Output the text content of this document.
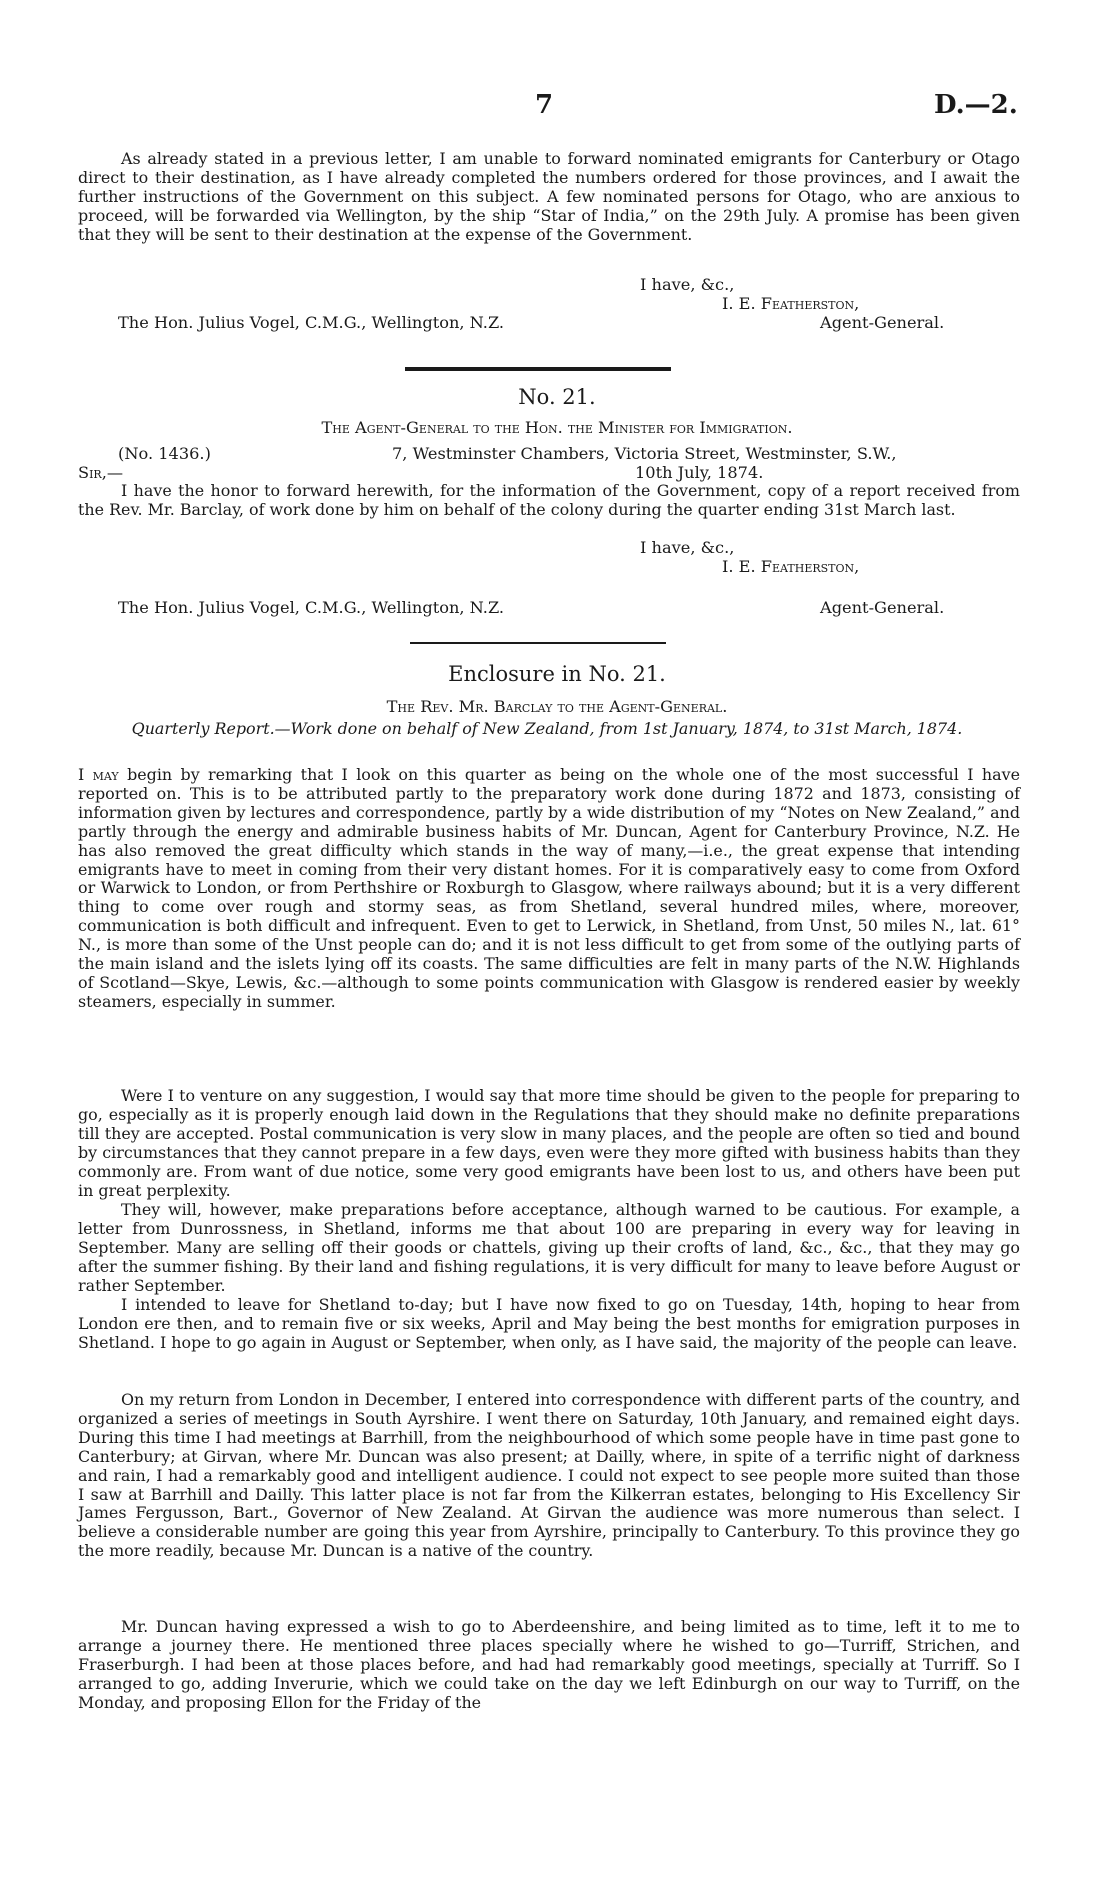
7	D.—2.

As already stated in a previous letter, I am unable to forward nominated emigrants for Canterbury or Otago direct to their destination, as I have already completed the numbers ordered for those provinces, and I await the further instructions of the Government on this subject. A few nominated persons for Otago, who are anxious to proceed, will be forwarded via Wellington, by the ship “Star of India,” on the 29th July. A promise has been given that they will be sent to their destination at the expense of the Government.

I have, &c.,
I. E. Featherston,
The Hon. Julius Vogel, C.M.G., Wellington, N.Z.	Agent-General.
No. 21.
The Agent-General to the Hon. the Minister for Immigration.
(No. 1436.)	7, Westminster Chambers, Victoria Street, Westminster, S.W.,
Sir,—	10th July, 1874.

I have the honor to forward herewith, for the information of the Government, copy of a report received from the Rev. Mr. Barclay, of work done by him on behalf of the colony during the quarter ending 31st March last.

I have, &c.,
I. E. Featherston,
The Hon. Julius Vogel, C.M.G., Wellington, N.Z.	Agent-General.
Enclosure in No. 21.
The Rev. Mr. Barclay to the Agent-General.

Quarterly Report.—Work done on behalf of New Zealand, from 1st January, 1874, to 31st March, 1874.

I may begin by remarking that I look on this quarter as being on the whole one of the most successful I have reported on. This is to be attributed partly to the preparatory work done during 1872 and 1873, consisting of information given by lectures and correspondence, partly by a wide distribution of my “Notes on New Zealand,” and partly through the energy and admirable business habits of Mr. Duncan, Agent for Canterbury Province, N.Z. He has also removed the great difficulty which stands in the way of many,—i.e., the great expense that intending emigrants have to meet in coming from their very distant homes. For it is comparatively easy to come from Oxford or Warwick to London, or from Perthshire or Roxburgh to Glasgow, where railways abound; but it is a very different thing to come over rough and stormy seas, as from Shetland, several hundred miles, where, moreover, communication is both difficult and infrequent. Even to get to Lerwick, in Shetland, from Unst, 50 miles N., lat. 61° N., is more than some of the Unst people can do; and it is not less difficult to get from some of the outlying parts of the main island and the islets lying off its coasts. The same difficulties are felt in many parts of the N.W. Highlands of Scotland—Skye, Lewis, &c.—although to some points communication with Glasgow is rendered easier by weekly steamers, especially in summer.

Were I to venture on any suggestion, I would say that more time should be given to the people for preparing to go, especially as it is properly enough laid down in the Regulations that they should make no definite preparations till they are accepted. Postal communication is very slow in many places, and the people are often so tied and bound by circumstances that they cannot prepare in a few days, even were they more gifted with business habits than they commonly are. From want of due notice, some very good emigrants have been lost to us, and others have been put in great perplexity.

They will, however, make preparations before acceptance, although warned to be cautious. For example, a letter from Dunrossness, in Shetland, informs me that about 100 are preparing in every way for leaving in September. Many are selling off their goods or chattels, giving up their crofts of land, &c., &c., that they may go after the summer fishing. By their land and fishing regulations, it is very difficult for many to leave before August or rather September.

I intended to leave for Shetland to-day; but I have now fixed to go on Tuesday, 14th, hoping to hear from London ere then, and to remain five or six weeks, April and May being the best months for emigration purposes in Shetland. I hope to go again in August or September, when only, as I have said, the majority of the people can leave.

On my return from London in December, I entered into correspondence with different parts of the country, and organized a series of meetings in South Ayrshire. I went there on Saturday, 10th January, and remained eight days. During this time I had meetings at Barrhill, from the neighbourhood of which some people have in time past gone to Canterbury; at Girvan, where Mr. Duncan was also present; at Dailly, where, in spite of a terrific night of darkness and rain, I had a remarkably good and intelligent audience. I could not expect to see people more suited than those I saw at Barrhill and Dailly. This latter place is not far from the Kilkerran estates, belonging to His Excellency Sir James Fergusson, Bart., Governor of New Zealand. At Girvan the audience was more numerous than select. I believe a considerable number are going this year from Ayrshire, principally to Canterbury. To this province they go the more readily, because Mr. Duncan is a native of the country.

Mr. Duncan having expressed a wish to go to Aberdeenshire, and being limited as to time, left it to me to arrange a journey there. He mentioned three places specially where he wished to go—Turriff, Strichen, and Fraserburgh. I had been at those places before, and had had remarkably good meetings, specially at Turriff. So I arranged to go, adding Inverurie, which we could take on the day we left Edinburgh on our way to Turriff, on the Monday, and proposing Ellon for the Friday of the
